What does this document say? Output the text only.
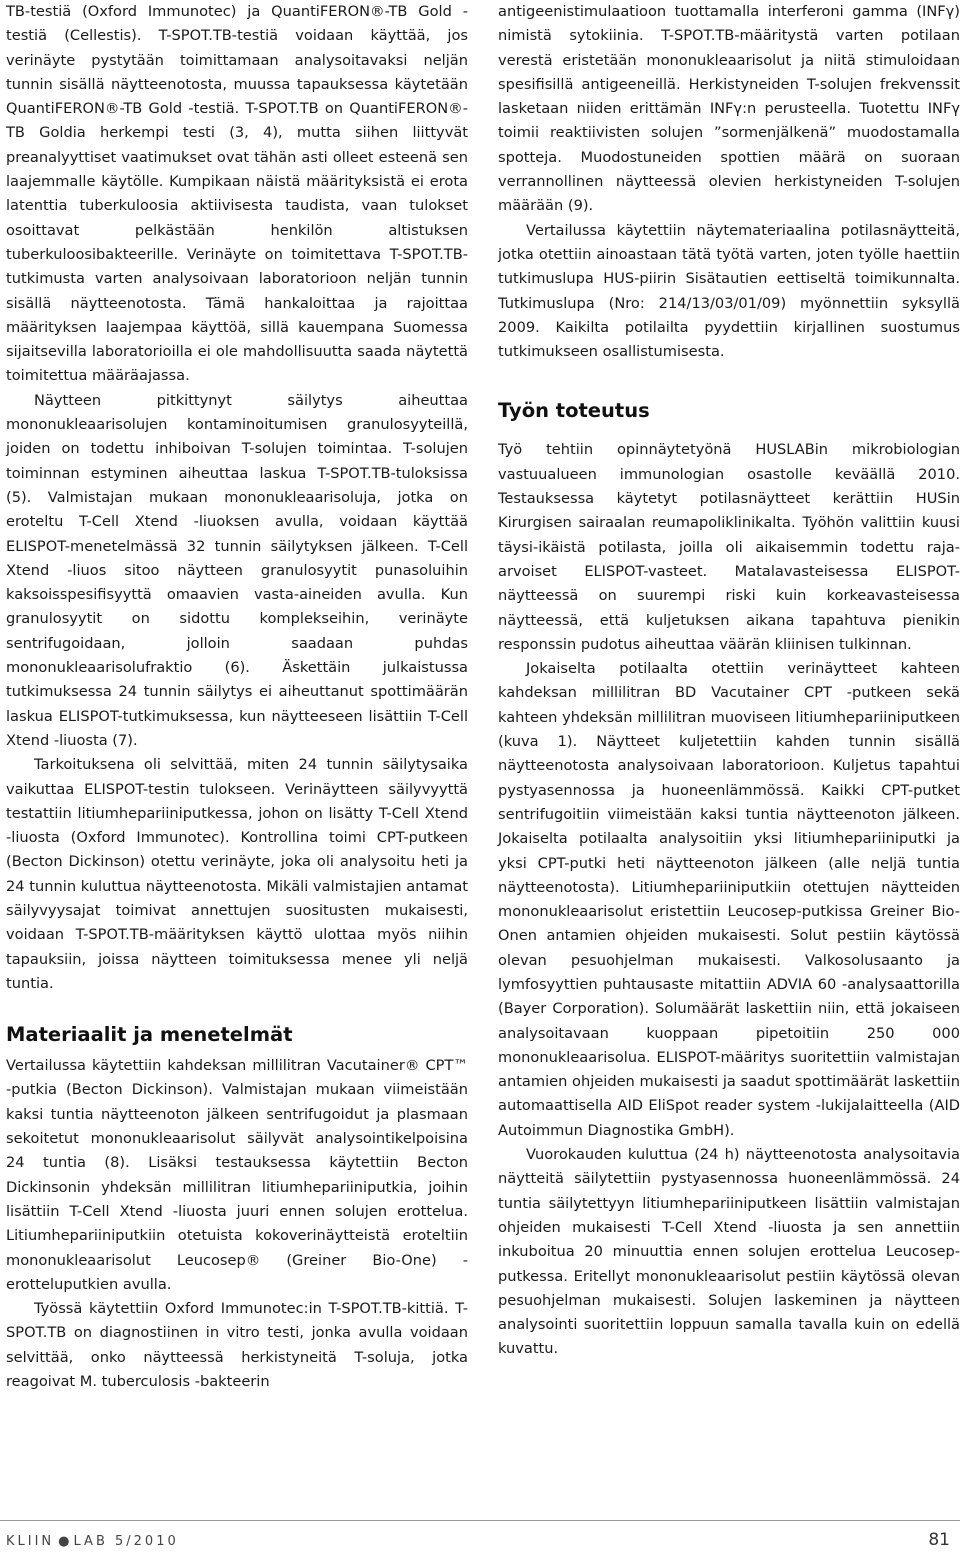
TB-testiä (Oxford Immunotec) ja QuantiFERON®-TB Gold -testiä (Cellestis). T-SPOT.TB-testiä voidaan käyttää, jos verinäyte pystytään toimittamaan analysoitavaksi neljän tunnin sisällä näytteenotosta, muussa tapauksessa käytetään QuantiFERON®-TB Gold -testiä. T-SPOT.TB on QuantiFERON®-TB Goldia herkempi testi (3, 4), mutta siihen liittyvät preanalyyttiset vaatimukset ovat tähän asti olleet esteenä sen laajemmalle käytölle. Kumpikaan näistä määrityksistä ei erota latenttia tuberkuloosia aktiivisesta taudista, vaan tulokset osoittavat pelkästään henkilön altistuksen tuberkuloosibakteerille. Verinäyte on toimitettava T-SPOT.TB-tutkimusta varten analysoivaan laboratorioon neljän tunnin sisällä näytteenotosta. Tämä hankaloittaa ja rajoittaa määrityksen laajempaa käyttöä, sillä kauempana Suomessa sijaitsevilla laboratorioilla ei ole mahdollisuutta saada näytettä toimitettua määräajassa.

Näytteen pitkittynyt säilytys aiheuttaa mononukleaarisolujen kontaminoitumisen granulosyyteillä, joiden on todettu inhiboivan T-solujen toimintaa. T-solujen toiminnan estyminen aiheuttaa laskua T-SPOT.TB-tuloksissa (5). Valmistajan mukaan mononukleaarisoluja, jotka on eroteltu T-Cell Xtend -liuoksen avulla, voidaan käyttää ELISPOT-menetelmässä 32 tunnin säilytyksen jälkeen. T-Cell Xtend -liuos sitoo näytteen granulosyytit punasoluihin kaksoisspesifisyyttä omaavien vasta-aineiden avulla. Kun granulosyytit on sidottu komplekseihin, verinäyte sentrifugoidaan, jolloin saadaan puhdas mononukleaarisolufraktio (6). Äskettäin julkaistussa tutkimuksessa 24 tunnin säilytys ei aiheuttanut spottimäärän laskua ELISPOT-tutkimuksessa, kun näytteeseen lisättiin T-Cell Xtend -liuosta (7).

Tarkoituksena oli selvittää, miten 24 tunnin säilytysaika vaikuttaa ELISPOT-testin tulokseen. Verinäytteen säilyvyyttä testattiin litiumhepariiniputkessa, johon on lisätty T-Cell Xtend -liuosta (Oxford Immunotec). Kontrollina toimi CPT-putkeen (Becton Dickinson) otettu verinäyte, joka oli analysoitu heti ja 24 tunnin kuluttua näytteenotosta. Mikäli valmistajien antamat säilyvyysajat toimivat annettujen suositusten mukaisesti, voidaan T-SPOT.TB-määrityksen käyttö ulottaa myös niihin tapauksiin, joissa näytteen toimituksessa menee yli neljä tuntia.

Materiaalit ja menetelmät

Vertailussa käytettiin kahdeksan millilitran Vacutainer® CPT™ -putkia (Becton Dickinson). Valmistajan mukaan viimeistään kaksi tuntia näytteenoton jälkeen sentrifugoidut ja plasmaan sekoitetut mononukleaarisolut säilyvät analysointikelpoisina 24 tuntia (8). Lisäksi testauksessa käytettiin Becton Dickinsonin yhdeksän millilitran litiumhepariiniputkia, joihin lisättiin T-Cell Xtend -liuosta juuri ennen solujen erottelua. Litiumhepariiniputkiin otetuista kokoverinäytteistä eroteltiin mononukleaarisolut Leucosep® (Greiner Bio-One) -erotteluputkien avulla.

Työssä käytettiin Oxford Immunotec:in T-SPOT.TB-kittiä. T-SPOT.TB on diagnostiinen in vitro testi, jonka avulla voidaan selvittää, onko näytteessä herkistyneitä T-soluja, jotka reagoivat M. tuberculosis -bakteerin

antigeenistimulaatioon tuottamalla interferoni gamma (INFγ) nimistä sytokiinia. T-SPOT.TB-määritystä varten potilaan verestä eristetään mononukleaarisolut ja niitä stimuloidaan spesifisillä antigeeneillä. Herkistyneiden T-solujen frekvenssit lasketaan niiden erittämän INFγ:n perusteella. Tuotettu INFγ toimii reaktiivisten solujen ”sormenjälkenä” muodostamalla spotteja. Muodostuneiden spottien määrä on suoraan verrannollinen näytteessä olevien herkistyneiden T-solujen määrään (9).

Vertailussa käytettiin näytemateriaalina potilasnäytteitä, jotka otettiin ainoastaan tätä työtä varten, joten työlle haettiin tutkimuslupa HUS-piirin Sisätautien eettiseltä toimikunnalta. Tutkimuslupa (Nro: 214/13/03/01/09) myönnettiin syksyllä 2009. Kaikilta potilailta pyydettiin kirjallinen suostumus tutkimukseen osallistumisesta.

Työn toteutus

Työ tehtiin opinnäytetyönä HUSLABin mikrobiologian vastuualueen immunologian osastolle keväällä 2010. Testauksessa käytetyt potilasnäytteet kerättiin HUSin Kirurgisen sairaalan reumapoliklinikalta. Työhön valittiin kuusi täysi-ikäistä potilasta, joilla oli aikaisemmin todettu raja-arvoiset ELISPOT-vasteet. Matalavasteisessa ELISPOT-näytteessä on suurempi riski kuin korkeavasteisessa näytteessä, että kuljetuksen aikana tapahtuva pienikin responssin pudotus aiheuttaa väärän kliinisen tulkinnan.

Jokaiselta potilaalta otettiin verinäytteet kahteen kahdeksan millilitran BD Vacutainer CPT -putkeen sekä kahteen yhdeksän millilitran muoviseen litiumhepariiniputkeen (kuva 1). Näytteet kuljetettiin kahden tunnin sisällä näytteenotosta analysoivaan laboratorioon. Kuljetus tapahtui pystyasennossa ja huoneenlämmössä. Kaikki CPT-putket sentrifugoitiin viimeistään kaksi tuntia näytteenoton jälkeen. Jokaiselta potilaalta analysoitiin yksi litiumhepariiniputki ja yksi CPT-putki heti näytteenoton jälkeen (alle neljä tuntia näytteenotosta). Litiumhepariiniputkiin otettujen näytteiden mononukleaarisolut eristettiin Leucosep-putkissa Greiner Bio-Onen antamien ohjeiden mukaisesti. Solut pestiin käytössä olevan pesuohjelman mukaisesti. Valkosolusaanto ja lymfosyyttien puhtausaste mitattiin ADVIA 60 -analysaattorilla (Bayer Corporation). Solumäärät laskettiin niin, että jokaiseen analysoitavaan kuoppaan pipetoitiin 250 000 mononukleaarisolua. ELISPOT-määritys suoritettiin valmistajan antamien ohjeiden mukaisesti ja saadut spottimäärät laskettiin automaattisella AID EliSpot reader system -lukijalaitteella (AID Autoimmun Diagnostika GmbH).

Vuorokauden kuluttua (24 h) näytteenotosta analysoitavia näytteitä säilytettiin pystyasennossa huoneenlämmössä. 24 tuntia säilytettyyn litiumhepariiniputkeen lisättiin valmistajan ohjeiden mukaisesti T-Cell Xtend -liuosta ja sen annettiin inkuboitua 20 minuuttia ennen solujen erottelua Leucosep-putkessa. Eritellyt mononukleaarisolut pestiin käytössä olevan pesuohjelman mukaisesti. Solujen laskeminen ja näytteen analysointi suoritettiin loppuun samalla tavalla kuin on edellä kuvattu.

KLIIN ● LAB 5/2010	81
